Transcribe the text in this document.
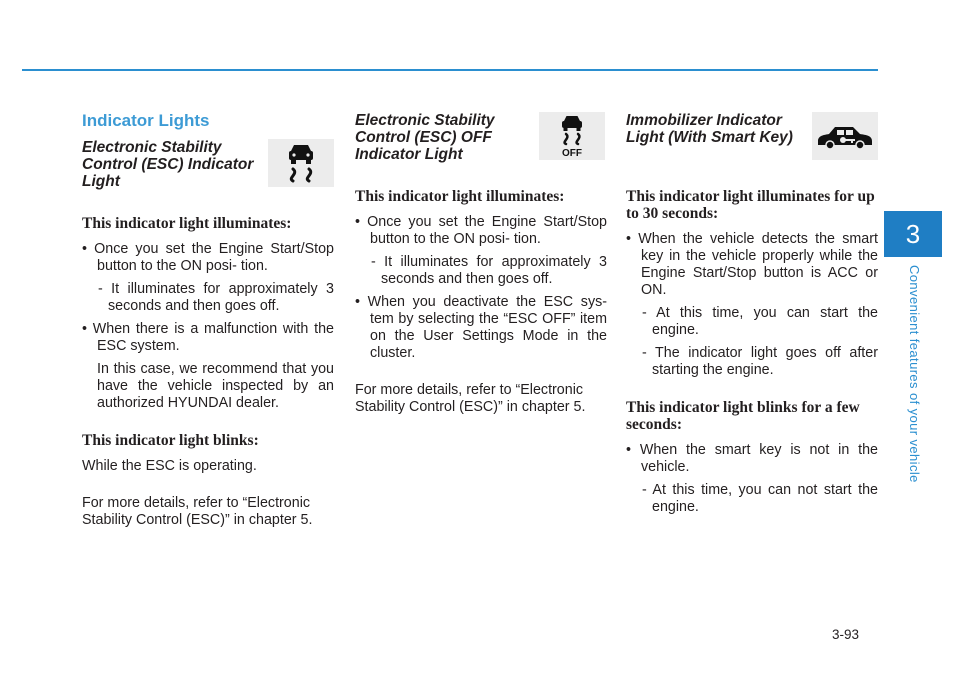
3
Convenient features of your vehicle
Indicator Lights
Electronic Stability Control (ESC) Indicator Light
This indicator light illuminates:
• Once you set the Engine Start/Stop button to the ON posi- tion.
- It illuminates for approximately 3 seconds and then goes off.
• When there is a malfunction with the ESC system.
In this case, we recommend that you have the vehicle inspected by an authorized HYUNDAI dealer.
This indicator light blinks:
While the ESC is operating.
For more details, refer to “Electronic Stability Control (ESC)” in chapter 5.
Electronic Stability Control (ESC) OFF Indicator Light	OFF
This indicator light illuminates:
• Once you set the Engine Start/Stop button to the ON posi- tion.
- It illuminates for approximately 3 seconds and then goes off.
• When you deactivate the ESC sys- tem by selecting the “ESC OFF” item on the User Settings Mode in the cluster.
For more details, refer to “Electronic Stability Control (ESC)” in chapter 5.
Immobilizer Indicator Light (With Smart Key)
This indicator light illuminates for up to 30 seconds:
• When the vehicle detects the smart key in the vehicle properly while the Engine Start/Stop button is ACC or ON.
- At this time, you can start the engine.
- The indicator light goes off after starting the engine.
This indicator light blinks for a few seconds:
• When the smart key is not in the vehicle.
- At this time, you can not start the engine.
3-93
